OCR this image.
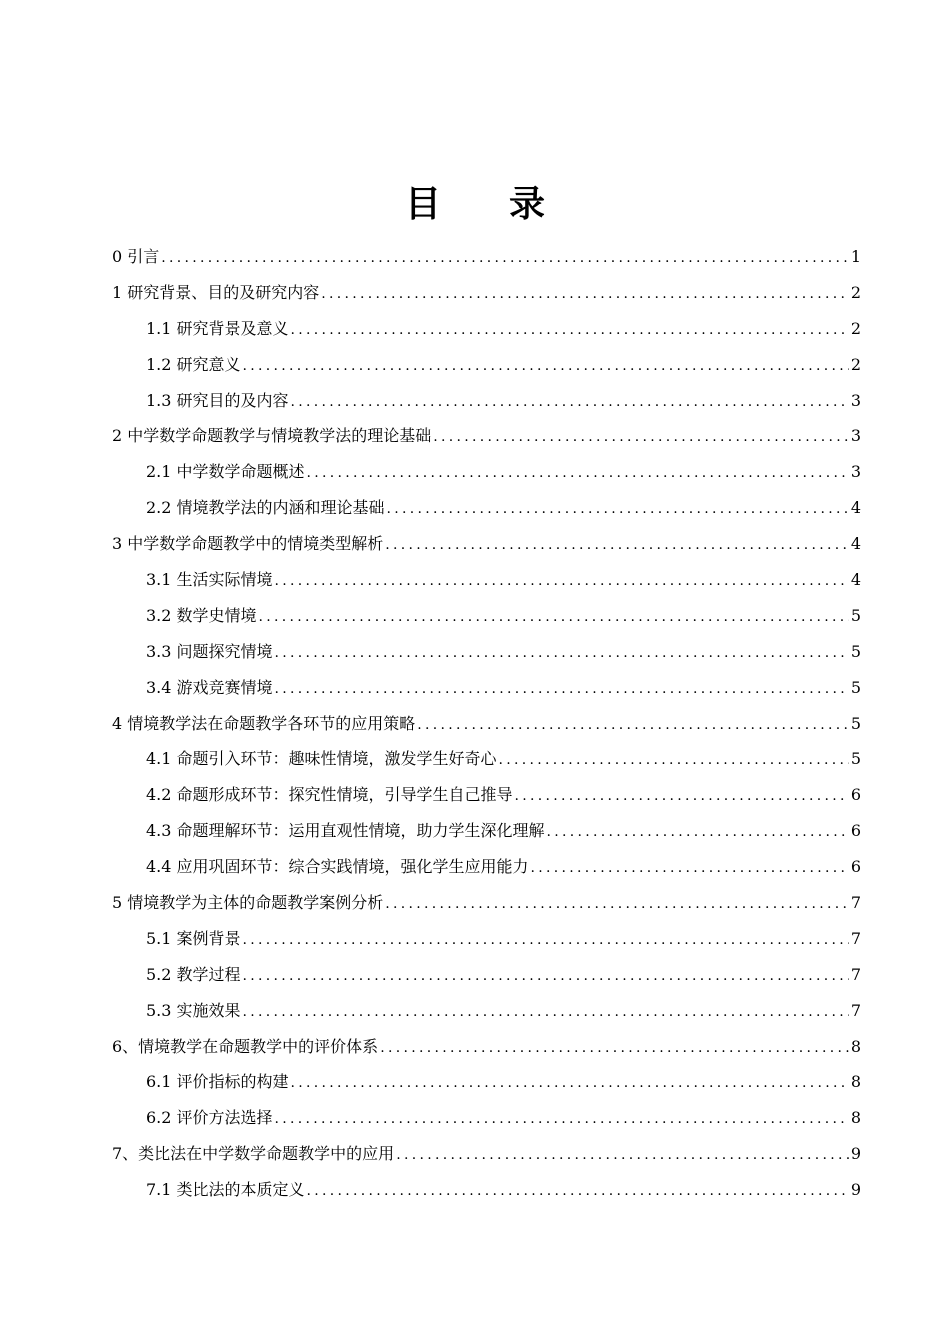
目 录
0 引言 .....	1
1 研究背景、目的及研究内容 .....	2
1.1 研究背景及意义 .....	2
1.2 研究意义 .....	2
1.3 研究目的及内容 .....	3
2 中学数学命题教学与情境教学法的理论基础 .....	3
2.1 中学数学命题概述 .....	3
2.2 情境教学法的内涵和理论基础 .....	4
3 中学数学命题教学中的情境类型解析 .....	4
3.1 生活实际情境 .....	4
3.2 数学史情境 .....	5
3.3 问题探究情境 .....	5
3.4 游戏竞赛情境 .....	5
4 情境教学法在命题教学各环节的应用策略 .....	5
4.1 命题引入环节：趣味性情境，激发学生好奇心 .....	5
4.2 命题形成环节：探究性情境，引导学生自己推导 .....	6
4.3 命题理解环节：运用直观性情境，助力学生深化理解 .....	6
4.4 应用巩固环节：综合实践情境，强化学生应用能力 .....	6
5 情境教学为主体的命题教学案例分析 .....	7
5.1 案例背景 .....	7
5.2 教学过程 .....	7
5.3 实施效果 .....	7
6、情境教学在命题教学中的评价体系 .....	8
6.1 评价指标的构建 .....	8
6.2 评价方法选择 .....	8
7、类比法在中学数学命题教学中的应用 .....	9
7.1 类比法的本质定义 .....	9
